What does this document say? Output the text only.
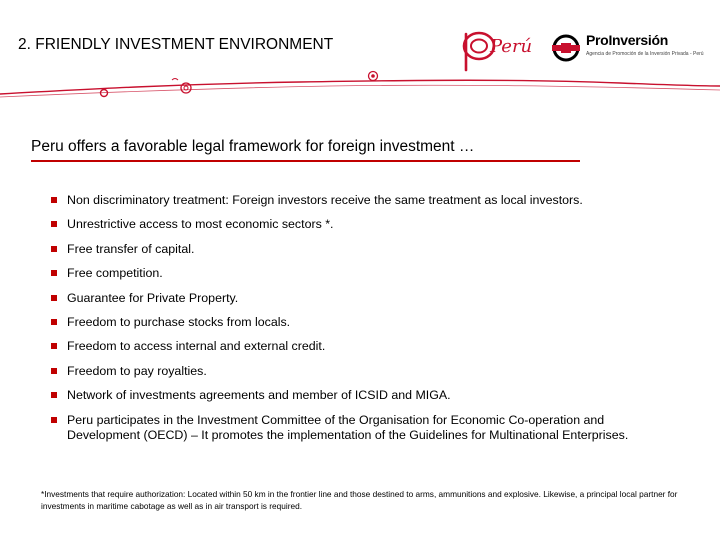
2. FRIENDLY INVESTMENT ENVIRONMENT	Perú	ProInversión
Agencia de Promoción de la Inversión Privada - Perú
Peru offers a favorable legal framework for foreign investment …
Non discriminatory treatment: Foreign investors receive the same treatment as local investors.
Unrestrictive access to most economic sectors *.
Free transfer of capital.
Free competition.
Guarantee for Private Property.
Freedom to purchase stocks from locals.
Freedom to access internal and external credit.
Freedom to pay royalties.
Network of investments agreements and member of ICSID and MIGA.
Peru participates in the Investment Committee of the Organisation for Economic Co-operation and Development (OECD) – It promotes the implementation of the Guidelines for Multinational Enterprises.
*Investments that require authorization: Located within 50 km in the frontier line and those destined to arms, ammunitions and explosive. Likewise, a principal local partner for investments in maritime cabotage as well as in air transport is required.
